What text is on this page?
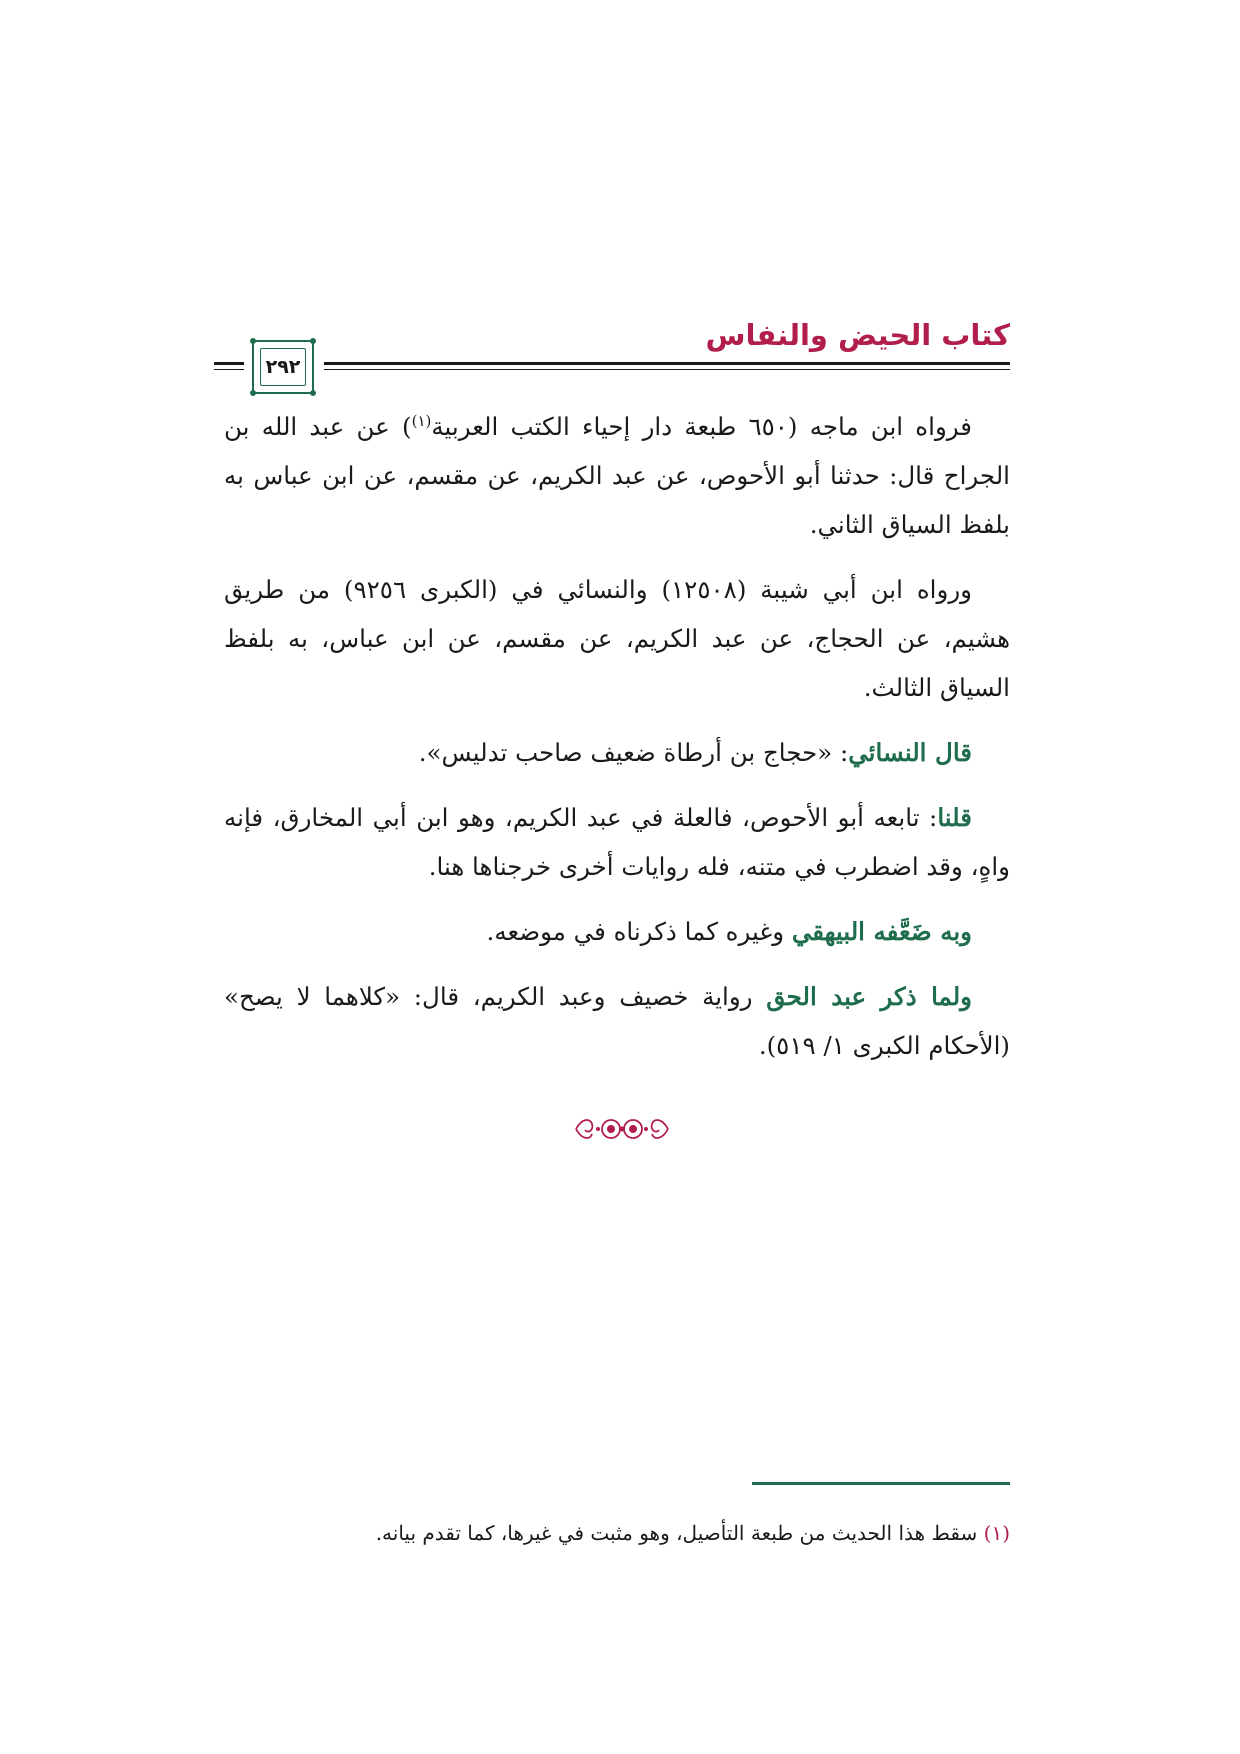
كتاب الحيض والنفاس
٢٩٢

فرواه ابن ماجه (٦٥٠ طبعة دار إحياء الكتب العربية$^{(١)}$) عن عبد الله بن الجراح قال: حدثنا أبو الأحوص، عن عبد الكريم، عن مقسم، عن ابن عباس به بلفظ السياق الثاني.

ورواه ابن أبي شيبة (١٢٥٠٨) والنسائي في (الكبرى ٩٢٥٦) من طريق هشيم، عن الحجاج، عن عبد الكريم، عن مقسم، عن ابن عباس، به بلفظ السياق الثالث.

قال النسائي: «حجاج بن أرطاة ضعيف صاحب تدليس».

قلنا: تابعه أبو الأحوص، فالعلة في عبد الكريم، وهو ابن أبي المخارق، فإنه واهٍ، وقد اضطرب في متنه، فله روايات أخرى خرجناها هنا.

وبه ضَعَّفه البيهقي وغيره كما ذكرناه في موضعه.

ولما ذكر عبد الحق رواية خصيف وعبد الكريم، قال: «كلاهما لا يصح» (الأحكام الكبرى ١/ ٥١٩).

(١) سقط هذا الحديث من طبعة التأصيل، وهو مثبت في غيرها، كما تقدم بيانه.
